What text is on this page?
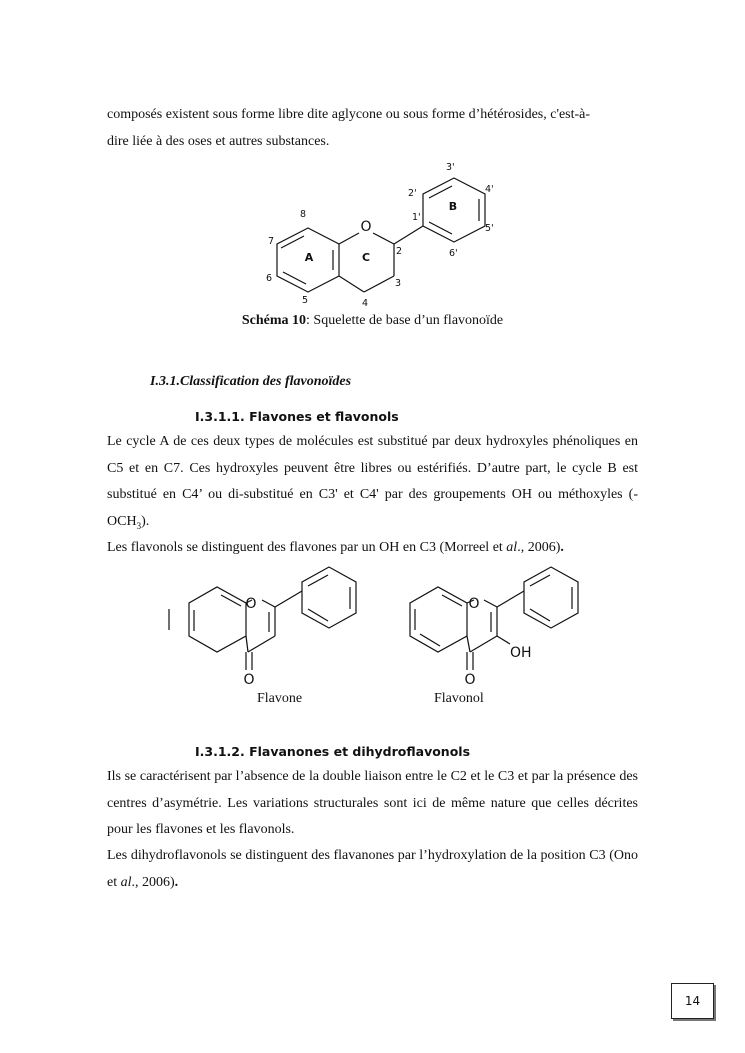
composés existent sous forme libre dite aglycone ou sous forme d’hétérosides, c'est-à-
dire liée à des oses et autres substances.

O
A	C
B
2
3
4
5
6
7
8	1'
2'
3'
4'
5'
6'
Schéma 10: Squelette de base d’un flavonoïde
I.3.1.Classification des flavonoïdes
I.3.1.1. Flavones et flavonols

Le cycle A de ces deux types de molécules est substitué par deux hydroxyles phénoliques en C5 et en C7. Ces hydroxyles peuvent être libres ou estérifiés. D’autre part, le cycle B est substitué en C4’ ou di-substitué en C3' et C4' par des groupements OH ou méthoxyles $(-OCH_3)$.

Les flavonols se distinguent des flavones par un OH en C3 (Morreel et al., 2006).

O
O
O
O
OH
Flavone	Flavonol
I.3.1.2. Flavanones et dihydroflavonols

Ils se caractérisent par l’absence de la double liaison entre le C2 et le C3 et par la présence des centres d’asymétrie. Les variations structurales sont ici de même nature que celles décrites pour les flavones et les flavonols.

Les dihydroflavonols se distinguent des flavanones par l’hydroxylation de la position C3 (Ono et al., 2006).

14
